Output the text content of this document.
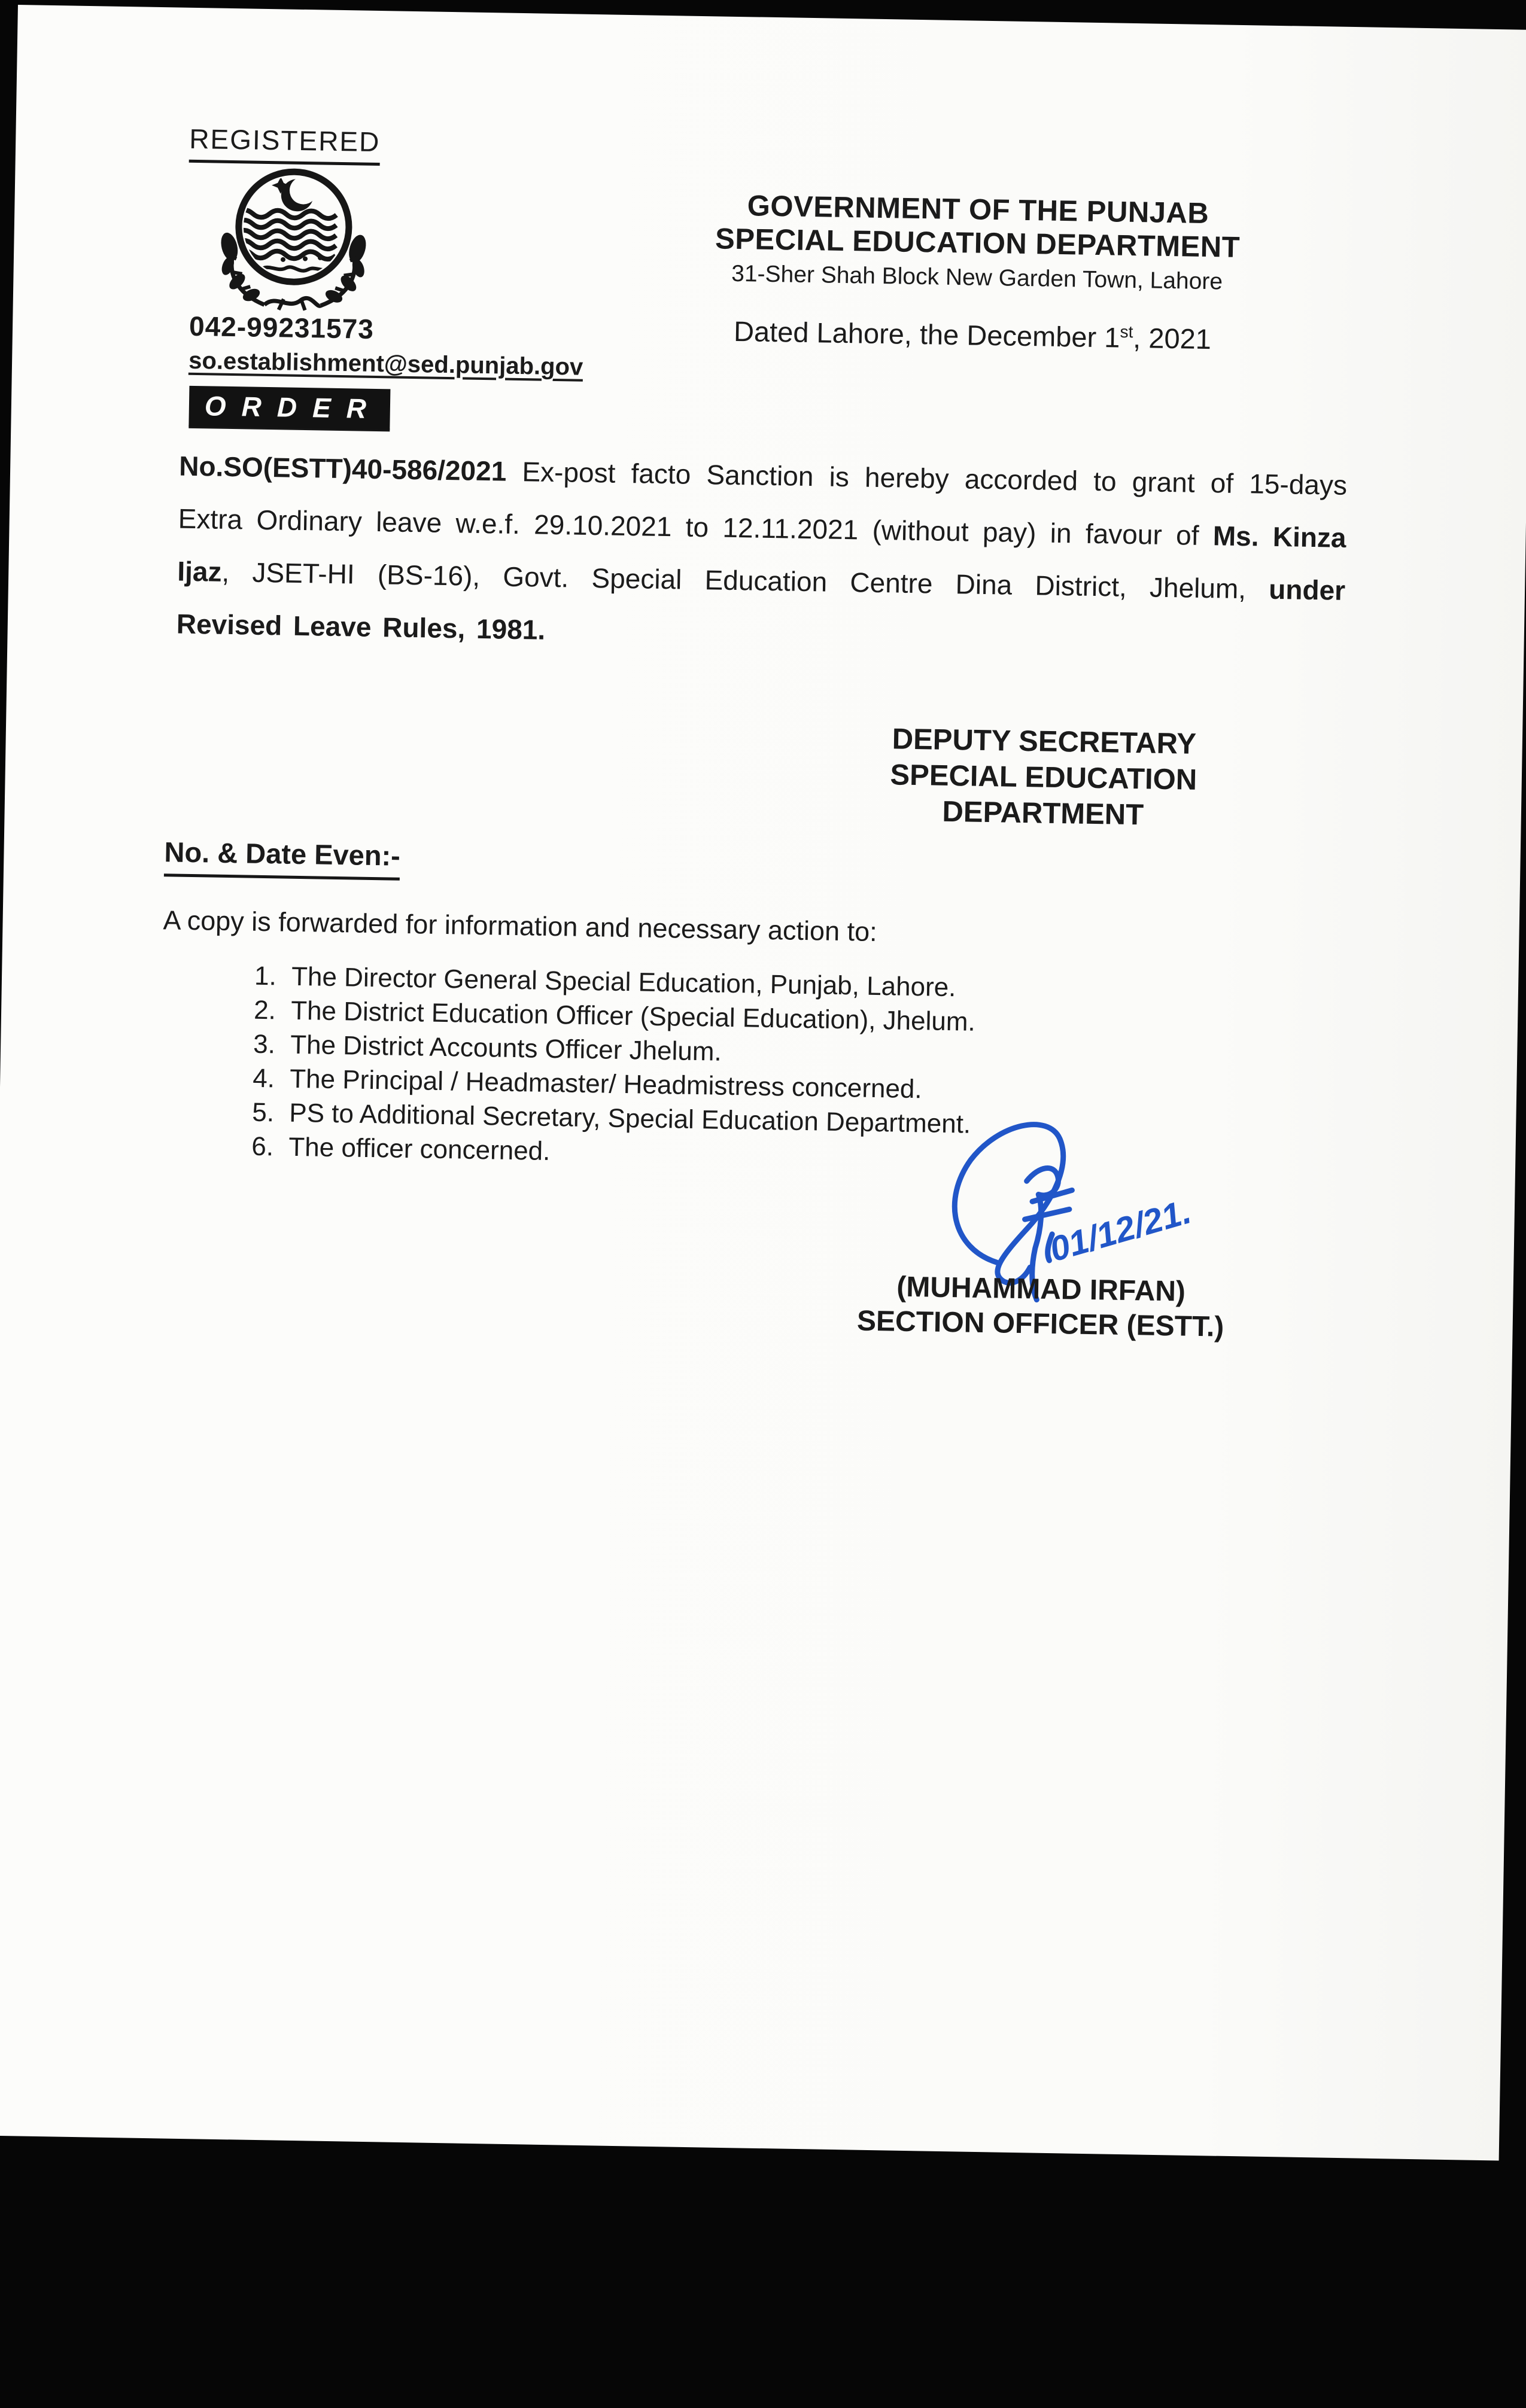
REGISTERED
042-99231573
so.establishment@sed.punjab.gov
GOVERNMENT OF THE PUNJAB
SPECIAL EDUCATION DEPARTMENT
31-Sher Shah Block New Garden Town, Lahore
Dated Lahore, the December 1st, 2021
ORDER

No.SO(ESTT)40-586/2021 Ex-post facto Sanction is hereby accorded to grant of 15-days Extra Ordinary leave w.e.f. 29.10.2021 to 12.11.2021 (without pay) in favour of Ms. Kinza Ijaz, JSET-HI (BS-16), Govt. Special Education Centre Dina District, Jhelum, under Revised Leave Rules, 1981.

DEPUTY SECRETARY
SPECIAL EDUCATION
DEPARTMENT
No. & Date Even:-
A copy is forwarded for information and necessary action to:
1. The Director General Special Education, Punjab, Lahore.
2. The District Education Officer (Special Education), Jhelum.
3. The District Accounts Officer Jhelum.
4. The Principal / Headmaster/ Headmistress concerned.
5. PS to Additional Secretary, Special Education Department.
6. The officer concerned.
01/12/21.
(MUHAMMAD IRFAN)
SECTION OFFICER (ESTT.)
